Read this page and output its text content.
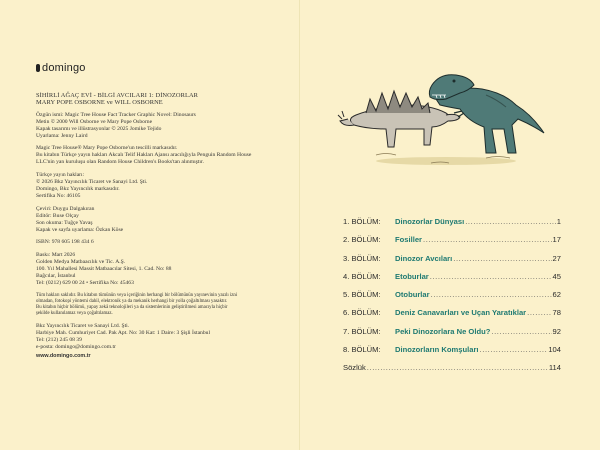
domingo
SİHİRLİ AĞAÇ EVİ - BİLGİ AVCILARI 1: DİNOZORLAR
MARY POPE OSBORNE ve WILL OSBORNE
Özgün ismi: Magic Tree House Fact Tracker Graphic Novel: Dinosaurs
Metin © 2000 Will Osborne ve Mary Pope Osborne
Kapak tasarımı ve illüstrasyonlar © 2025 Jomike Tejido
Uyarlama: Jenny Laird
Magic Tree House® Mary Pope Osborne'un tescilli markasıdır.
Bu kitabın Türkçe yayın hakları Akcalı Telif Hakları Ajansı aracılığıyla Penguin Random House
LLC'nin yan kuruluşu olan Random House Children's Books'tan alınmıştır.
Türkçe yayın hakları:
© 2026 Bkz Yayıncılık Ticaret ve Sanayi Ltd. Şti.
Domingo, Bkz Yayıncılık markasıdır.
Sertifika No: 46105
Çeviri: Duygu Dalgakıran
Editör: Buse Olçay
Son okuma: Tuğçe Yavaş
Kapak ve sayfa uyarlama: Özkan Köse
ISBN: 978 605 198 434 6
Baskı: Mart 2026
Golden Medya Matbaacılık ve Tic. A.Ş.
100. Yıl Mahallesi Massit Matbaacılar Sitesi, 1. Cad. No: 88
Bağcılar, İstanbul
Tel: (0212) 629 00 24 • Sertifika No: 45463
Tüm hakları saklıdır. Bu kitabın tümünün veya içeriğinin herhangi bir bölümünün yayınevinin yazılı izni
olmadan, fotokopi yöntemi dahil, elektronik ya da mekanik herhangi bir yolla çoğaltılması yasaktır.
Bu kitabın hiçbir bölümü, yapay zekâ teknolojileri ya da sistemlerinin geliştirilmesi amacıyla hiçbir
şekilde kullanılamaz veya çoğaltılamaz.
Bkz Yayıncılık Ticaret ve Sanayi Ltd. Şti.
Harbiye Mah. Cumhuriyet Cad. Pak Apt. No: 30 Kat: 1 Daire: 3 Şişli İstanbul
Tel: (212) 245 08 39
e-posta: domingo@domingo.com.tr
www.domingo.com.tr
1. BÖLÜM:	Dinozorlar Dünyası .....	1
2. BÖLÜM:	Fosiller .....	17
3. BÖLÜM:	Dinozor Avcıları .....	27
4. BÖLÜM:	Etoburlar .....	45
5. BÖLÜM:	Otoburlar .....	62
6. BÖLÜM:	Deniz Canavarları ve Uçan Yaratıklar .....	78
7. BÖLÜM:	Peki Dinozorlara Ne Oldu? .....	92
8. BÖLÜM:	Dinozorların Komşuları .....	104
Sözlük .....	114
